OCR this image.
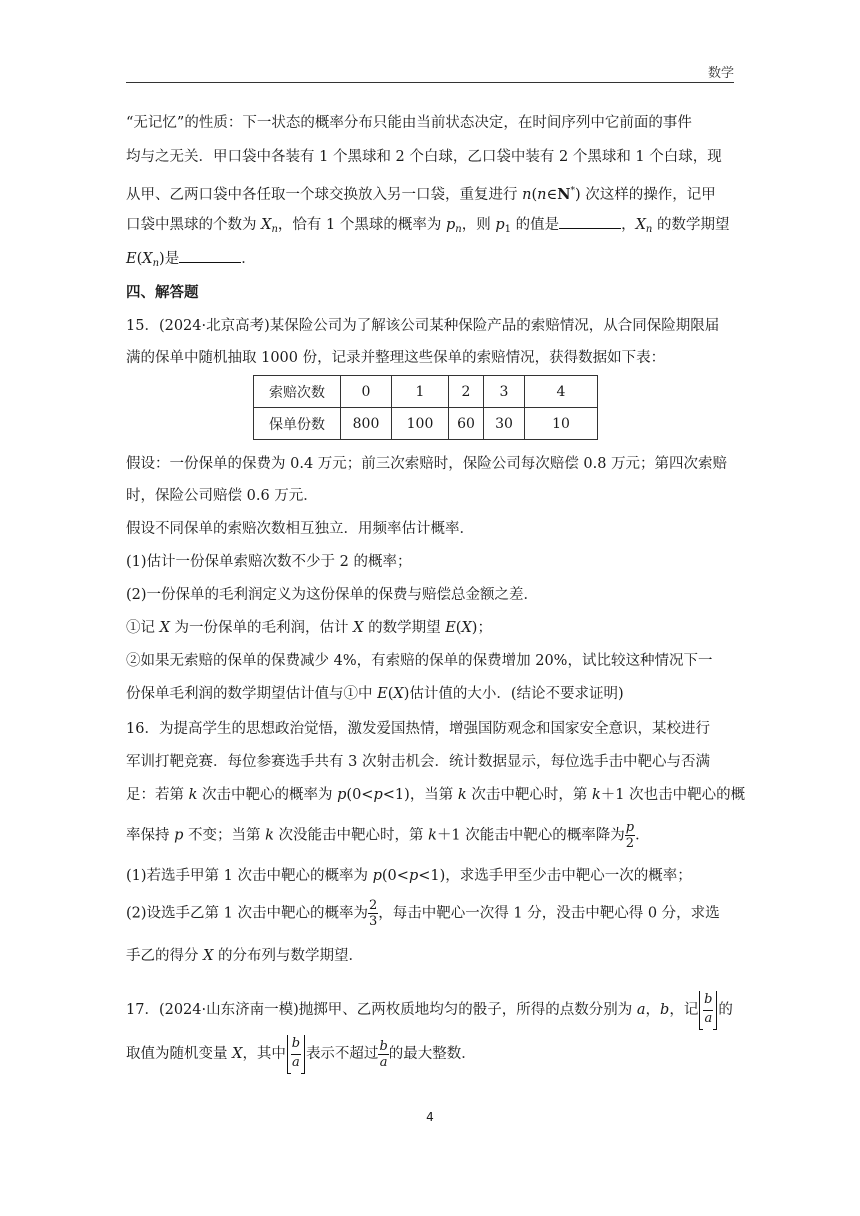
数学
“无记忆”的性质：下一状态的概率分布只能由当前状态决定，在时间序列中它前面的事件
均与之无关．甲口袋中各装有 1 个黑球和 2 个白球，乙口袋中装有 2 个黑球和 1 个白球，现
从甲、乙两口袋中各任取一个球交换放入另一口袋，重复进行 n(n∈N*) 次这样的操作，记甲
口袋中黑球的个数为 $X_n$，恰有 1 个黑球的概率为 $p_n$，则 $p_1$ 的值是	，$X_n$ 的数学期望
$E(X_n)$是	．
四、解答题
15．(2024·北京高考)某保险公司为了解该公司某种保险产品的索赔情况，从合同保险期限届
满的保单中随机抽取 1000 份，记录并整理这些保单的索赔情况，获得数据如下表：
索赔次数	0	1	2	3	4
保单份数	800	100	60	30	10
假设：一份保单的保费为 0.4 万元；前三次索赔时，保险公司每次赔偿 0.8 万元；第四次索赔
时，保险公司赔偿 0.6 万元．
假设不同保单的索赔次数相互独立．用频率估计概率．
(1)估计一份保单索赔次数不少于 2 的概率；
(2)一份保单的毛利润定义为这份保单的保费与赔偿总金额之差．
①记 X 为一份保单的毛利润，估计 X 的数学期望 E(X)；
②如果无索赔的保单的保费减少 4%，有索赔的保单的保费增加 20%，试比较这种情况下一
份保单毛利润的数学期望估计值与①中 E(X)估计值的大小．(结论不要求证明)
16．为提高学生的思想政治觉悟，激发爱国热情，增强国防观念和国家安全意识，某校进行
军训打靶竞赛．每位参赛选手共有 3 次射击机会．统计数据显示，每位选手击中靶心与否满
足：若第 k 次击中靶心的概率为 p(0<p<1)，当第 k 次击中靶心时，第 k＋1 次也击中靶心的概
率保持 p 不变；当第 k 次没能击中靶心时，第 k＋1 次能击中靶心的概率降为 $\frac{p}{2}$ ．
(1)若选手甲第 1 次击中靶心的概率为 p(0<p<1)，求选手甲至少击中靶心一次的概率；
(2)设选手乙第 1 次击中靶心的概率为 $\frac{2}{3}$ ，每击中靶心一次得 1 分，没击中靶心得 0 分，求选
手乙的得分 X 的分布列与数学期望．
17．(2024·山东济南一模)抛掷甲、乙两枚质地均匀的骰子，所得的点数分别为 a，b，记 $\frac{b}{a}$ 的
取值为随机变量 X，其中 $\frac{b}{a}$ 表示不超过 $\frac{b}{a}$的最大整数．
4
